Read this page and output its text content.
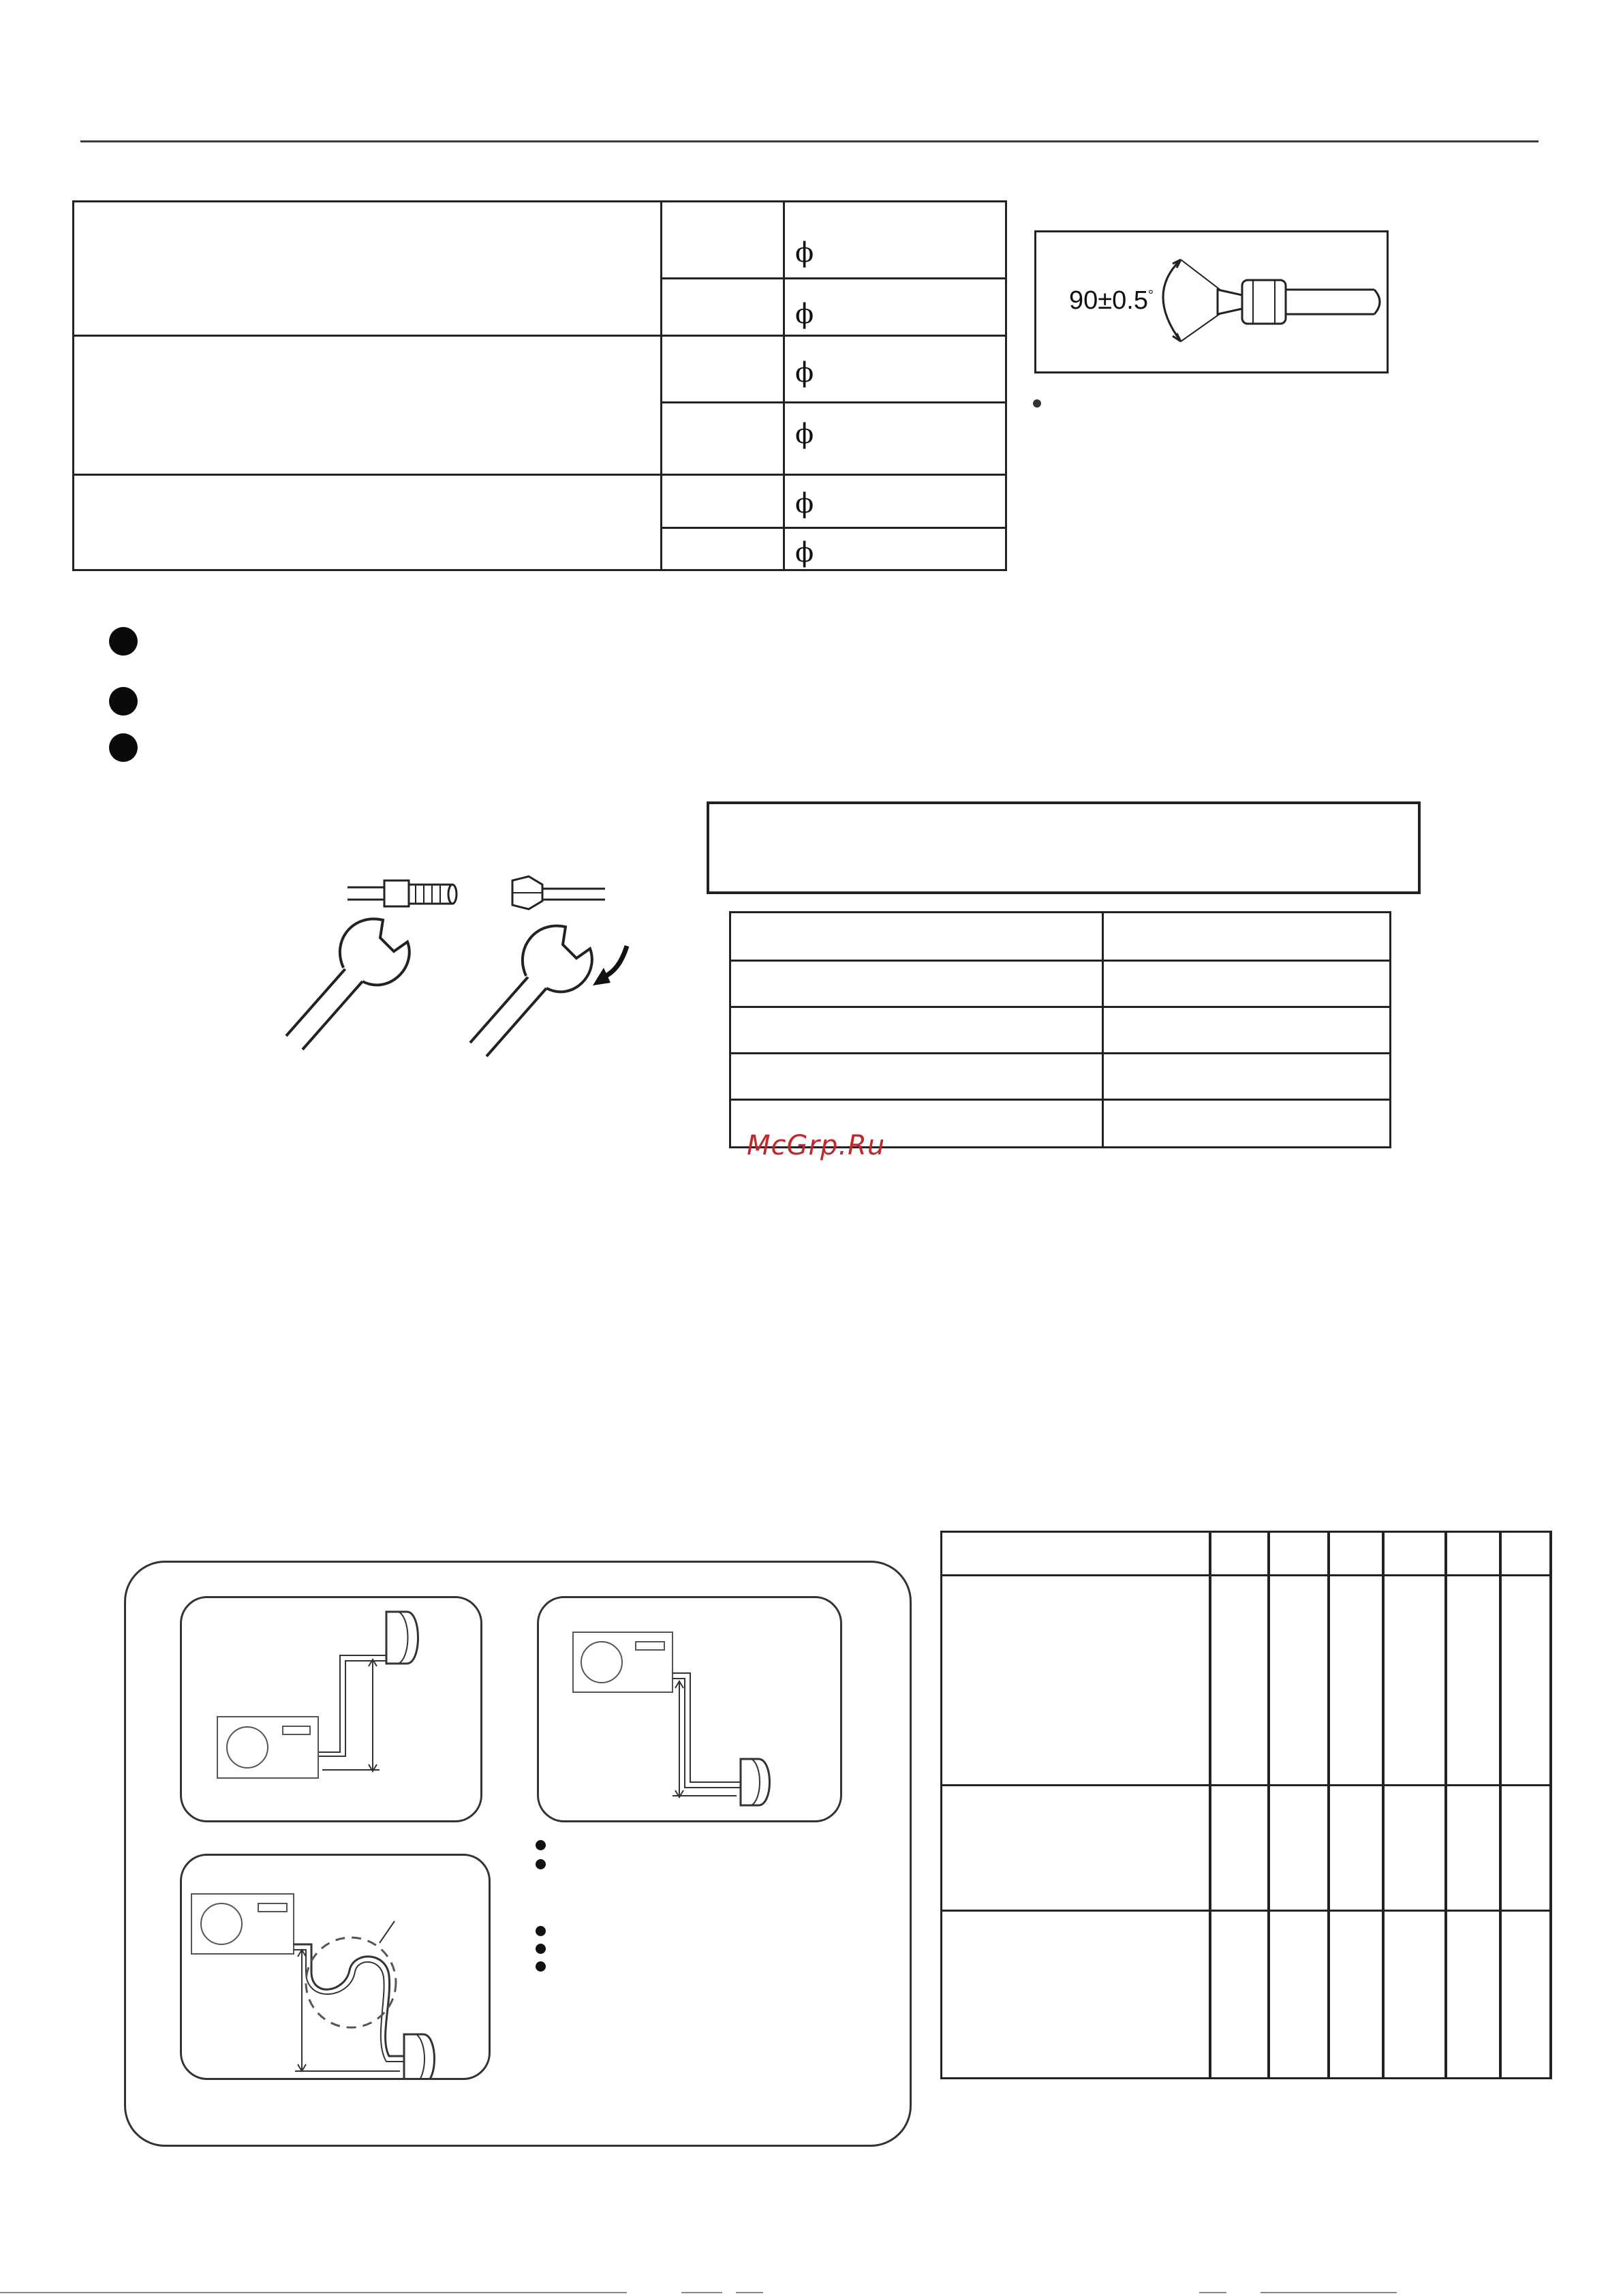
ϕ
ϕ
ϕ
ϕ
ϕ
ϕ
90±0.5°
McGrp.Ru
